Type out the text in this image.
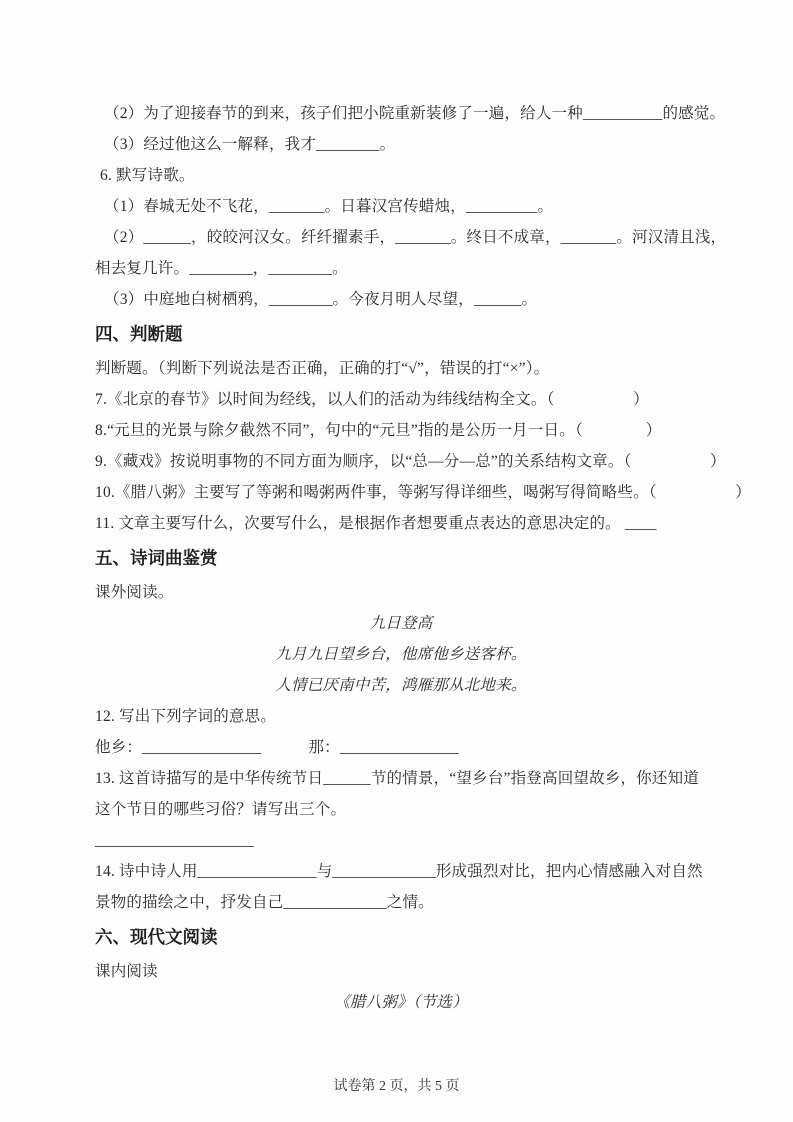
（2）为了迎接春节的到来，孩子们把小院重新装修了一遍，给人一种__________的感觉。

（3）经过他这么一解释，我才________。

6. 默写诗歌。

（1）春城无处不飞花，_______。日暮汉宫传蜡烛，_________。

（2）______，皎皎河汉女。纤纤擢素手，_______。终日不成章，_______。河汉清且浅，

相去复几许。________，________。

（3）中庭地白树栖鸦，________。今夜月明人尽望，______。

四、判断题

判断题。（判断下列说法是否正确，正确的打“√”，错误的打“×”）。

7.《北京的春节》以时间为经线，以人们的活动为纬线结构全文。（　　　　　）

8.“元旦的光景与除夕截然不同”，句中的“元旦”指的是公历一月一日。（　　　　）

9.《藏戏》按说明事物的不同方面为顺序，以“总—分—总”的关系结构文章。（　　　　　）

10.《腊八粥》主要写了等粥和喝粥两件事，等粥写得详细些，喝粥写得简略些。（　　　　　）

11. 文章主要写什么，次要写什么，是根据作者想要重点表达的意思决定的。 ____

五、诗词曲鉴赏

课外阅读。

九日登高

九月九日望乡台，他席他乡送客杯。

人情已厌南中苦，鸿雁那从北地来。

12. 写出下列字词的意思。

他乡：_______________　　　那：_______________

13. 这首诗描写的是中华传统节日______节的情景，“望乡台”指登高回望故乡，你还知道

这个节日的哪些习俗？请写出三个。

____________________

14. 诗中诗人用_______________与_____________形成强烈对比，把内心情感融入对自然

景物的描绘之中，抒发自己_____________之情。

六、现代文阅读

课内阅读

《腊八粥》（节选）

试卷第 2 页，共 5 页
